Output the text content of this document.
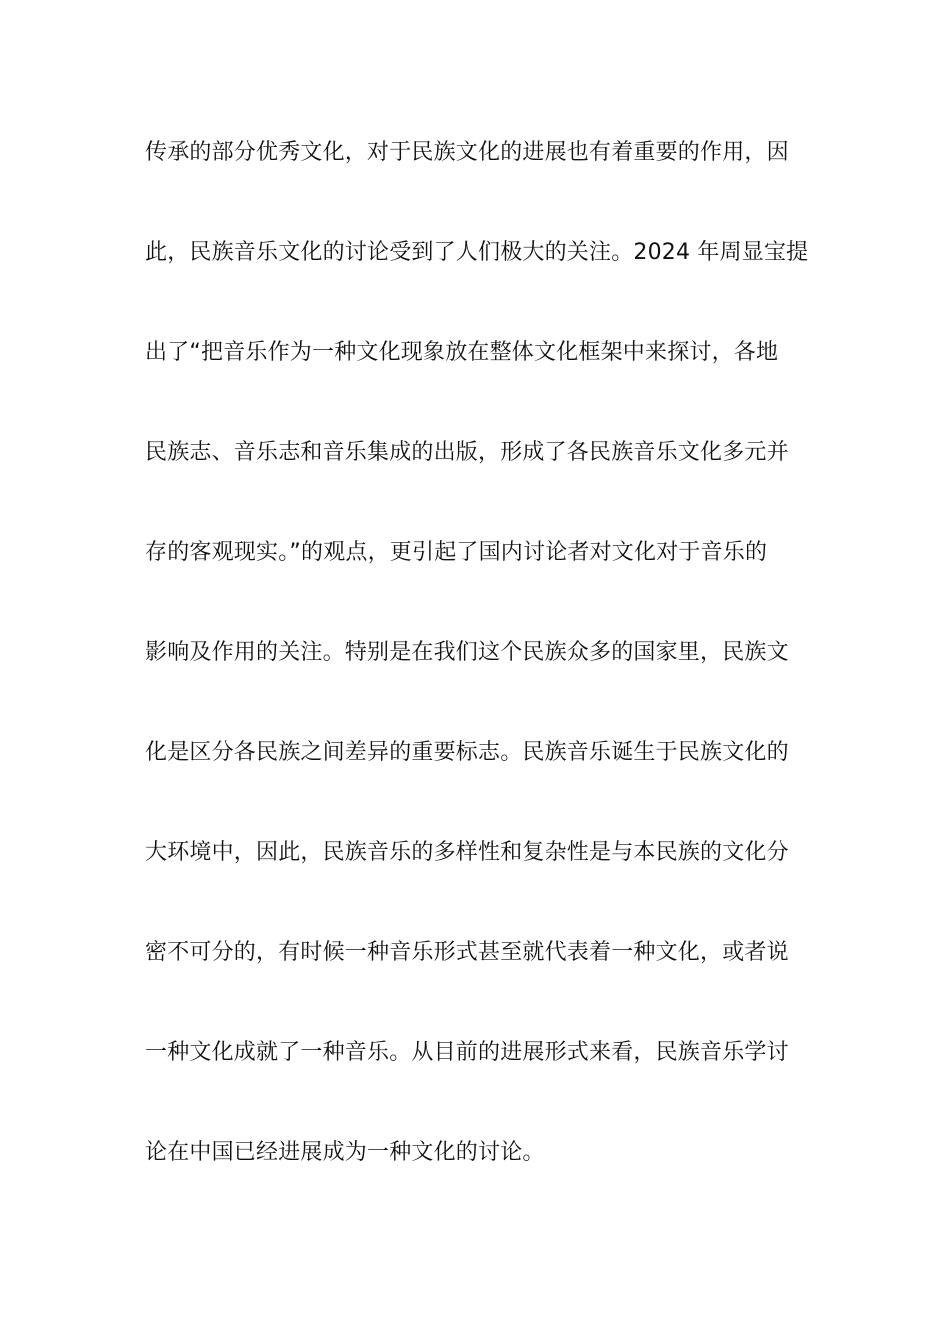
传承的部分优秀文化，对于民族文化的进展也有着重要的作用，因
此，民族音乐文化的讨论受到了人们极大的关注。2024 年周显宝提
出了“把音乐作为一种文化现象放在整体文化框架中来探讨，各地
民族志、音乐志和音乐集成的出版，形成了各民族音乐文化多元并
存的客观现实。”的观点，更引起了国内讨论者对文化对于音乐的
影响及作用的关注。特别是在我们这个民族众多的国家里，民族文
化是区分各民族之间差异的重要标志。民族音乐诞生于民族文化的
大环境中，因此，民族音乐的多样性和复杂性是与本民族的文化分
密不可分的，有时候一种音乐形式甚至就代表着一种文化，或者说
一种文化成就了一种音乐。从目前的进展形式来看，民族音乐学讨
论在中国已经进展成为一种文化的讨论。
